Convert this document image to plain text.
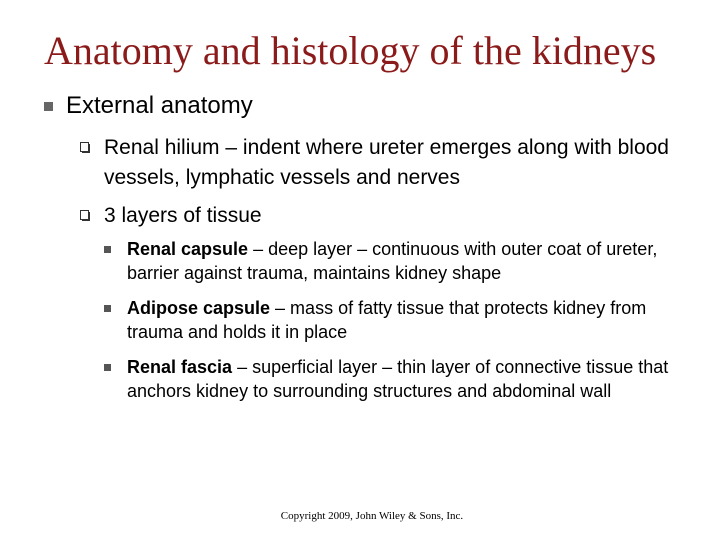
Anatomy and histology of the kidneys
External anatomy
Renal hilium – indent where ureter emerges along with blood vessels, lymphatic vessels and nerves
3 layers of tissue
Renal capsule – deep layer – continuous with outer coat of ureter, barrier against trauma, maintains kidney shape
Adipose capsule – mass of fatty tissue that protects kidney from trauma and holds it in place
Renal fascia – superficial layer – thin layer of connective tissue that anchors kidney to surrounding structures and abdominal wall
Copyright 2009, John Wiley & Sons, Inc.
